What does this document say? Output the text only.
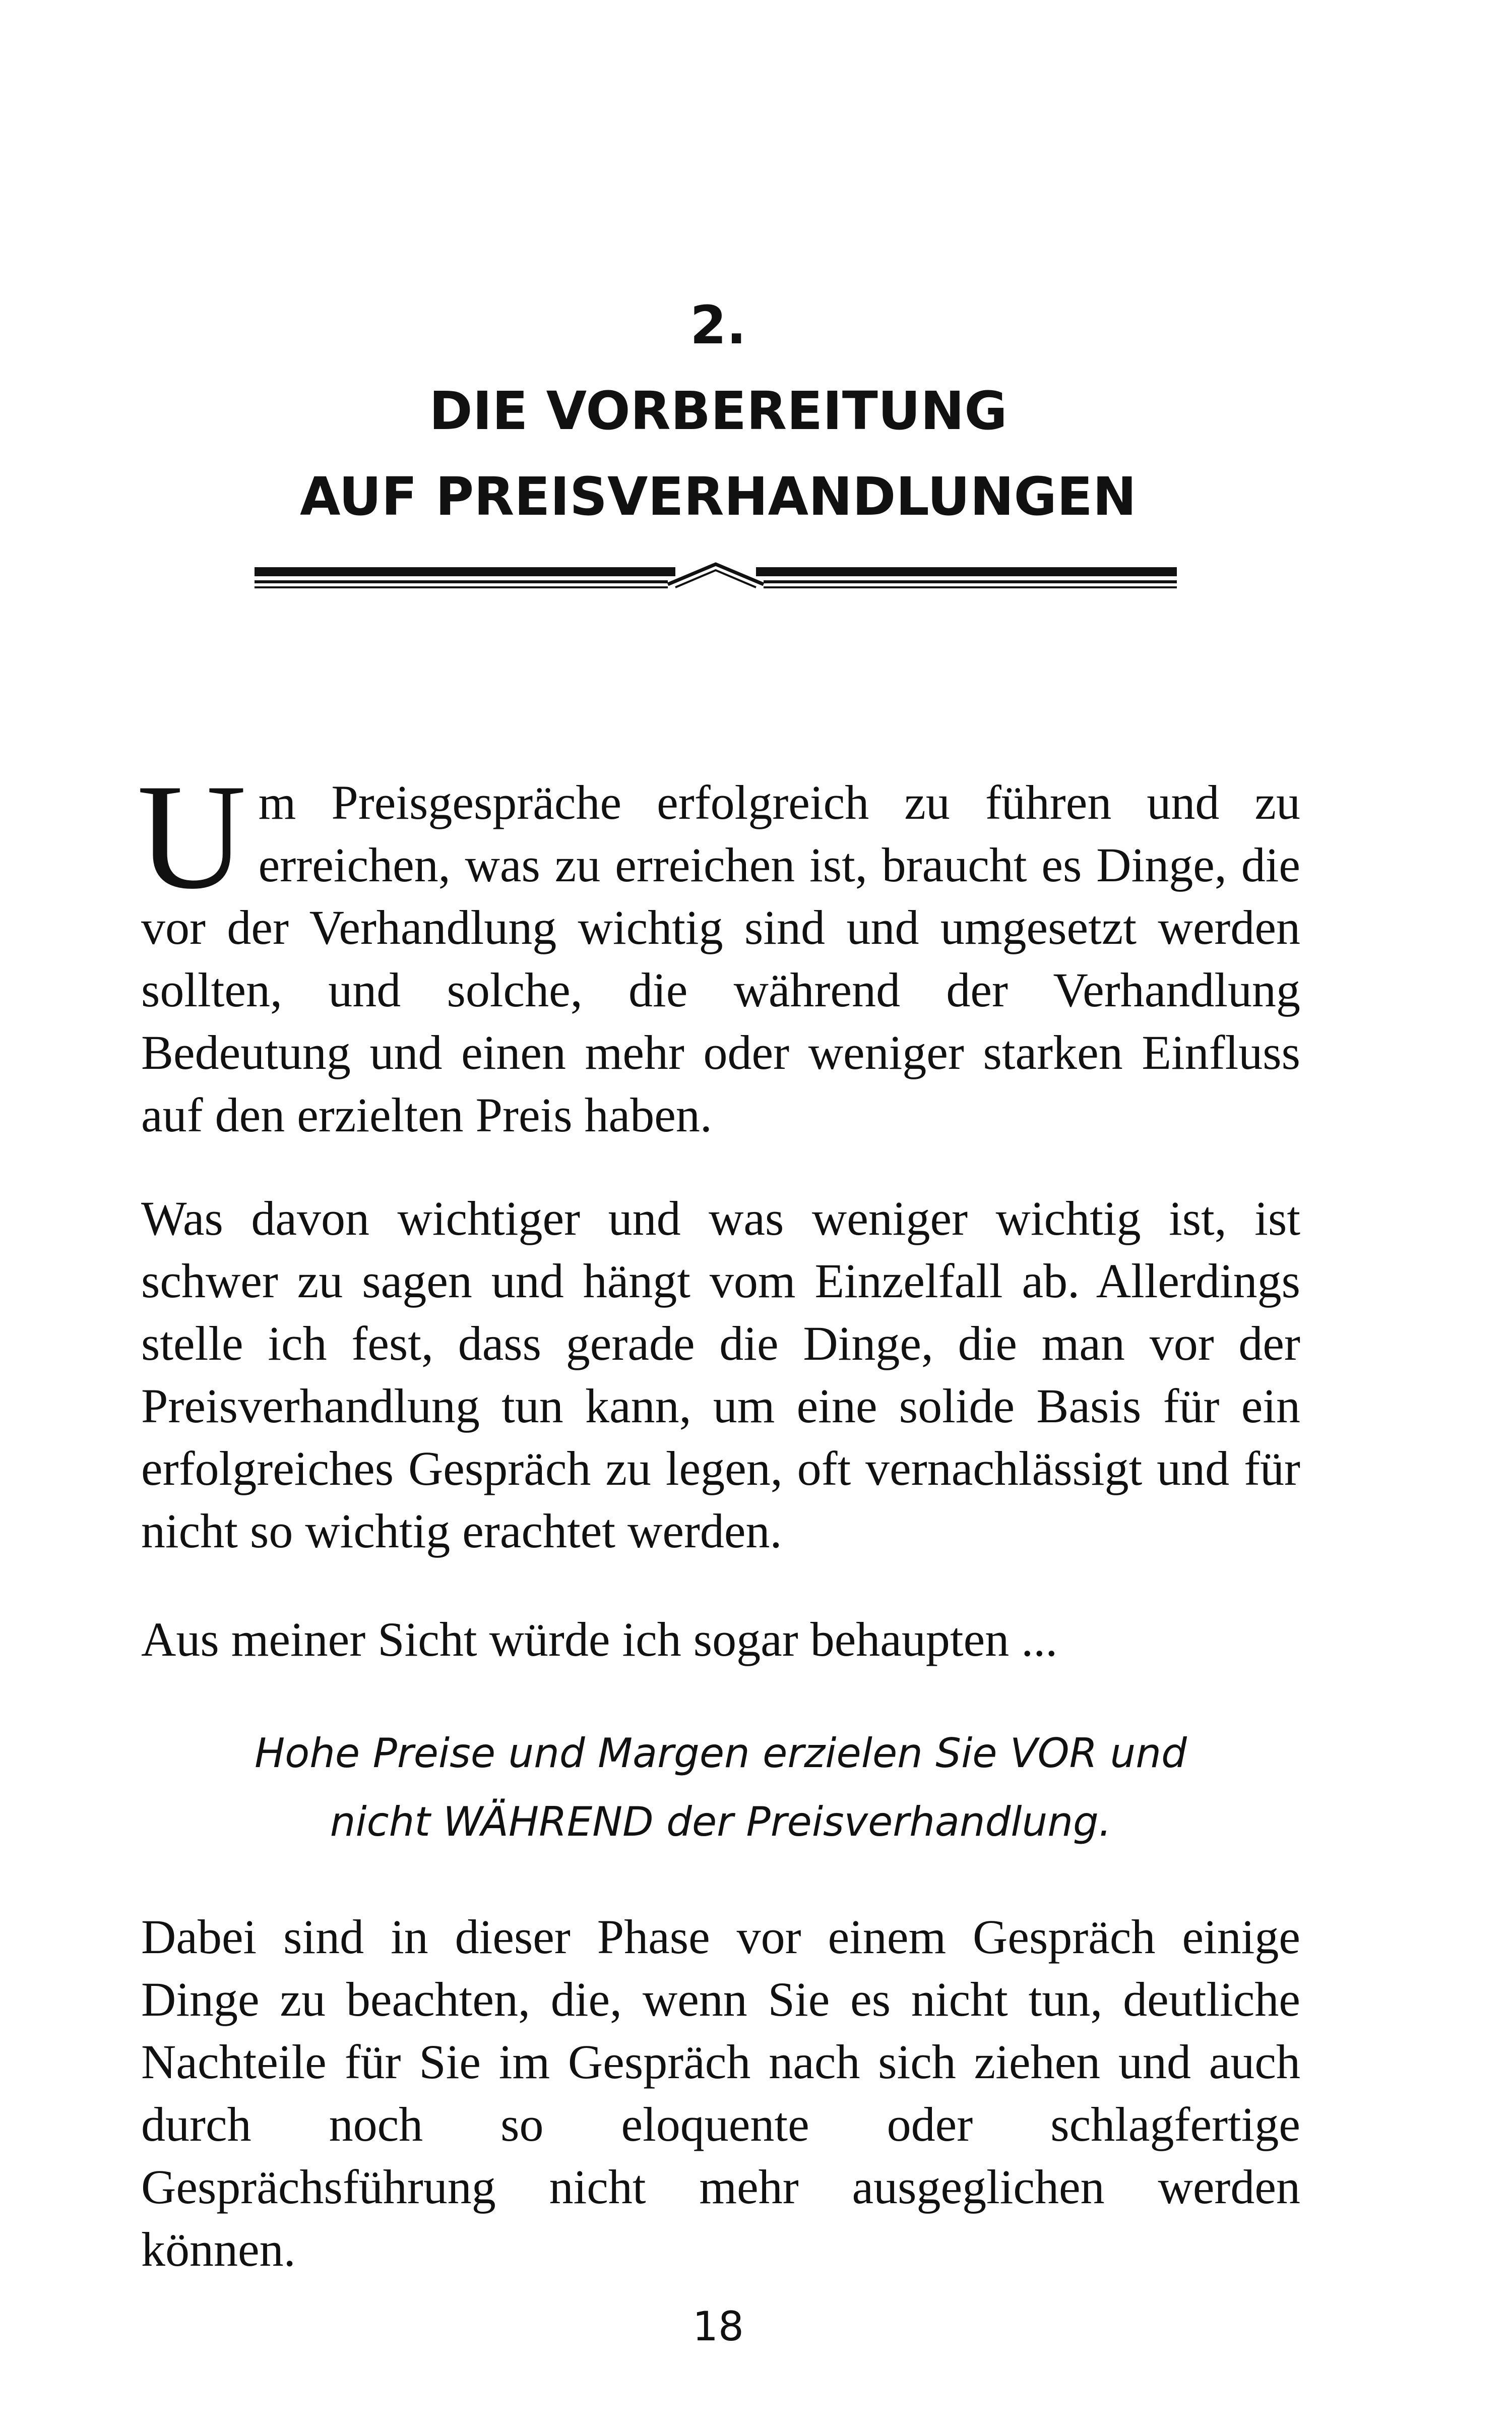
2.
DIE VORBEREITUNG
AUF PREISVERHANDLUNGEN

Um Preisgespräche erfolgreich zu führen und zu erreichen, was zu erreichen ist, braucht es Dinge, die vor der Verhandlung wichtig sind und umgesetzt werden sollten, und solche, die während der Verhandlung Bedeutung und einen mehr oder weniger starken Einfluss auf den erzielten Preis haben.

Was davon wichtiger und was weniger wichtig ist, ist schwer zu sagen und hängt vom Einzelfall ab. Allerdings stelle ich fest, dass gerade die Dinge, die man vor der Preisverhandlung tun kann, um eine solide Basis für ein erfolgreiches Gespräch zu legen, oft vernachlässigt und für nicht so wichtig erachtet werden.

Aus meiner Sicht würde ich sogar behaupten ...

Hohe Preise und Margen erzielen Sie VOR und
nicht WÄHREND der Preisverhandlung.

Dabei sind in dieser Phase vor einem Gespräch einige Dinge zu beachten, die, wenn Sie es nicht tun, deutliche Nachteile für Sie im Gespräch nach sich ziehen und auch durch noch so eloquente oder schlagfertige Gesprächsführung nicht mehr ausgeglichen werden können.

18
